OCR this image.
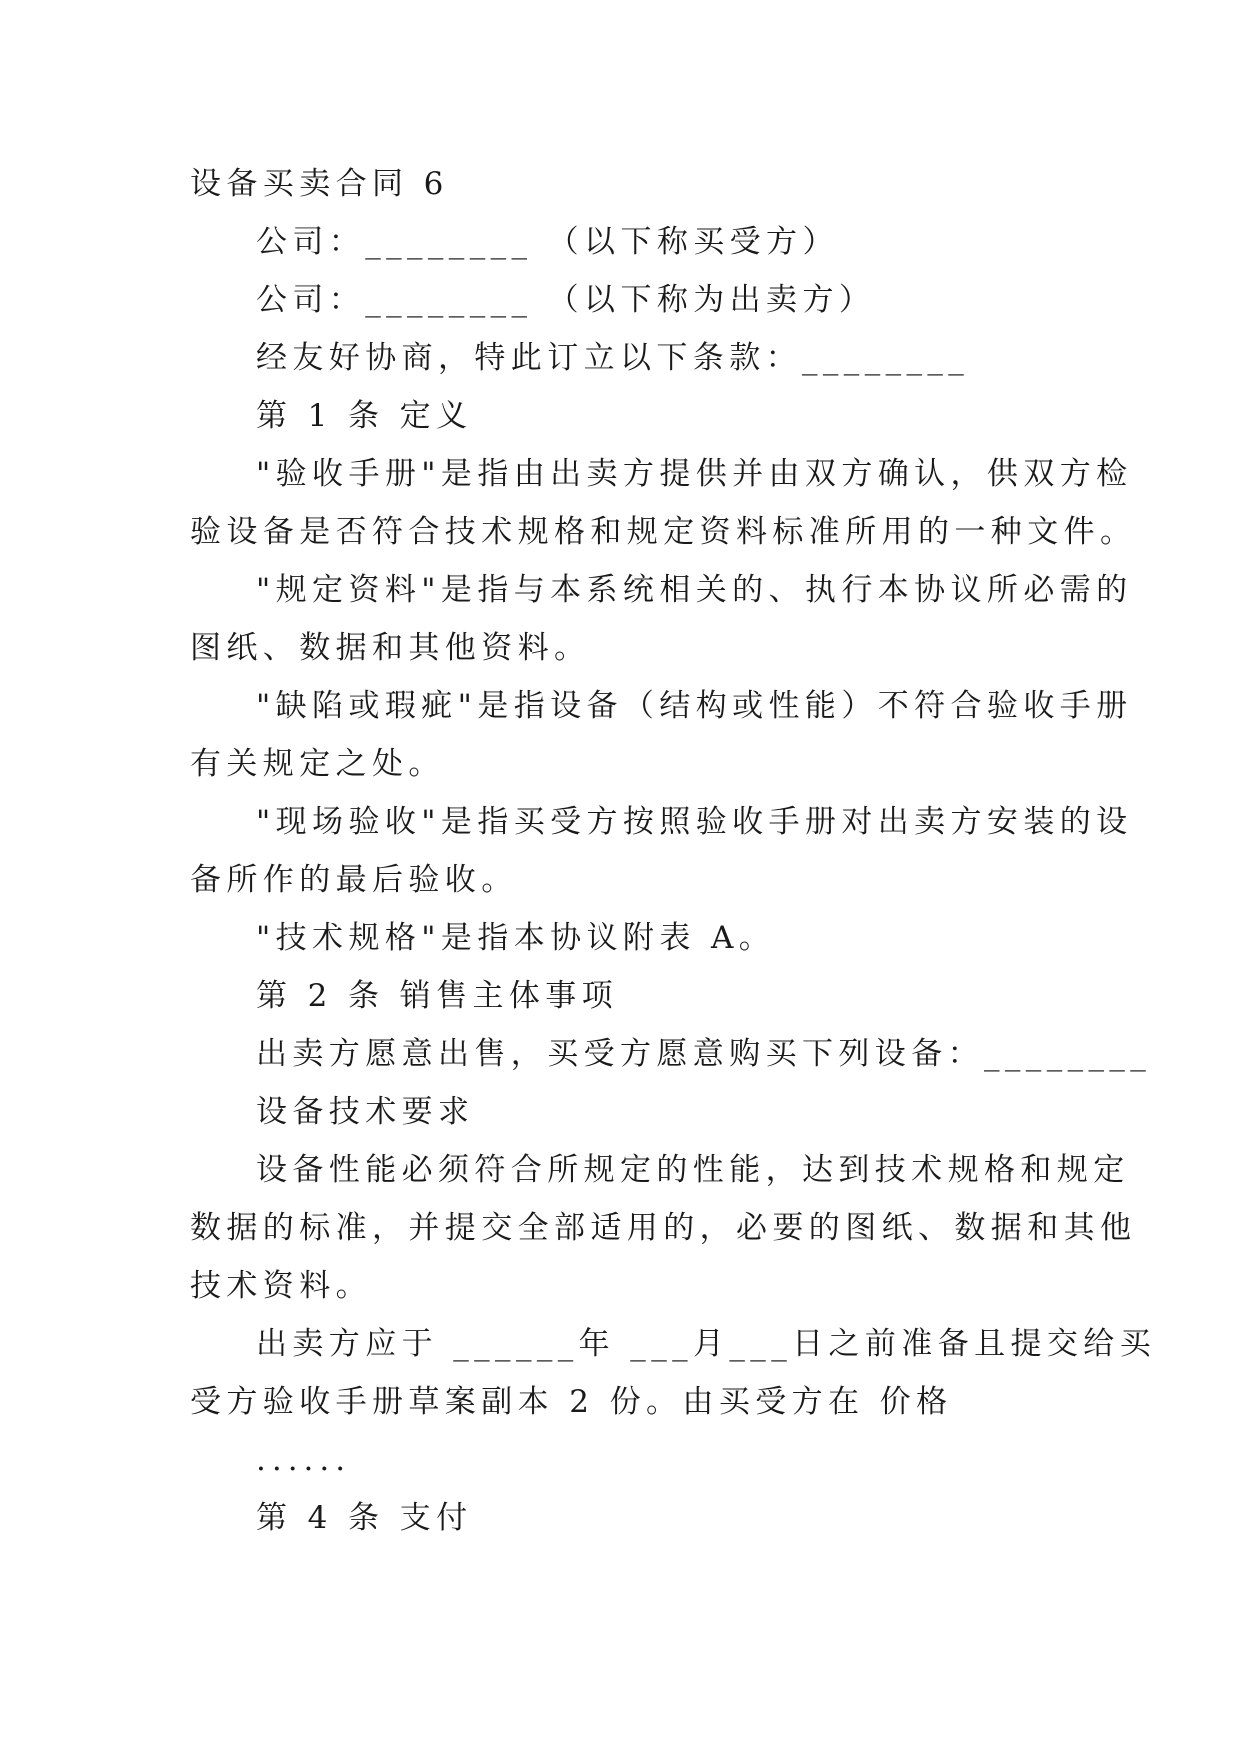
设备买卖合同 6
公司：________ （以下称买受方）
公司：________ （以下称为出卖方）
经友好协商，特此订立以下条款：________
第 1 条 定义
"验收手册"是指由出卖方提供并由双方确认，供双方检
验设备是否符合技术规格和规定资料标准所用的一种文件。
"规定资料"是指与本系统相关的、执行本协议所必需的
图纸、数据和其他资料。
"缺陷或瑕疵"是指设备（结构或性能）不符合验收手册
有关规定之处。
"现场验收"是指买受方按照验收手册对出卖方安装的设
备所作的最后验收。
"技术规格"是指本协议附表 A。
第 2 条 销售主体事项
出卖方愿意出售，买受方愿意购买下列设备：________
设备技术要求
设备性能必须符合所规定的性能，达到技术规格和规定
数据的标准，并提交全部适用的，必要的图纸、数据和其他
技术资料。
出卖方应于 ______年 ___月___日之前准备且提交给买
受方验收手册草案副本 2 份。由买受方在 价格
......
第 4 条 支付
